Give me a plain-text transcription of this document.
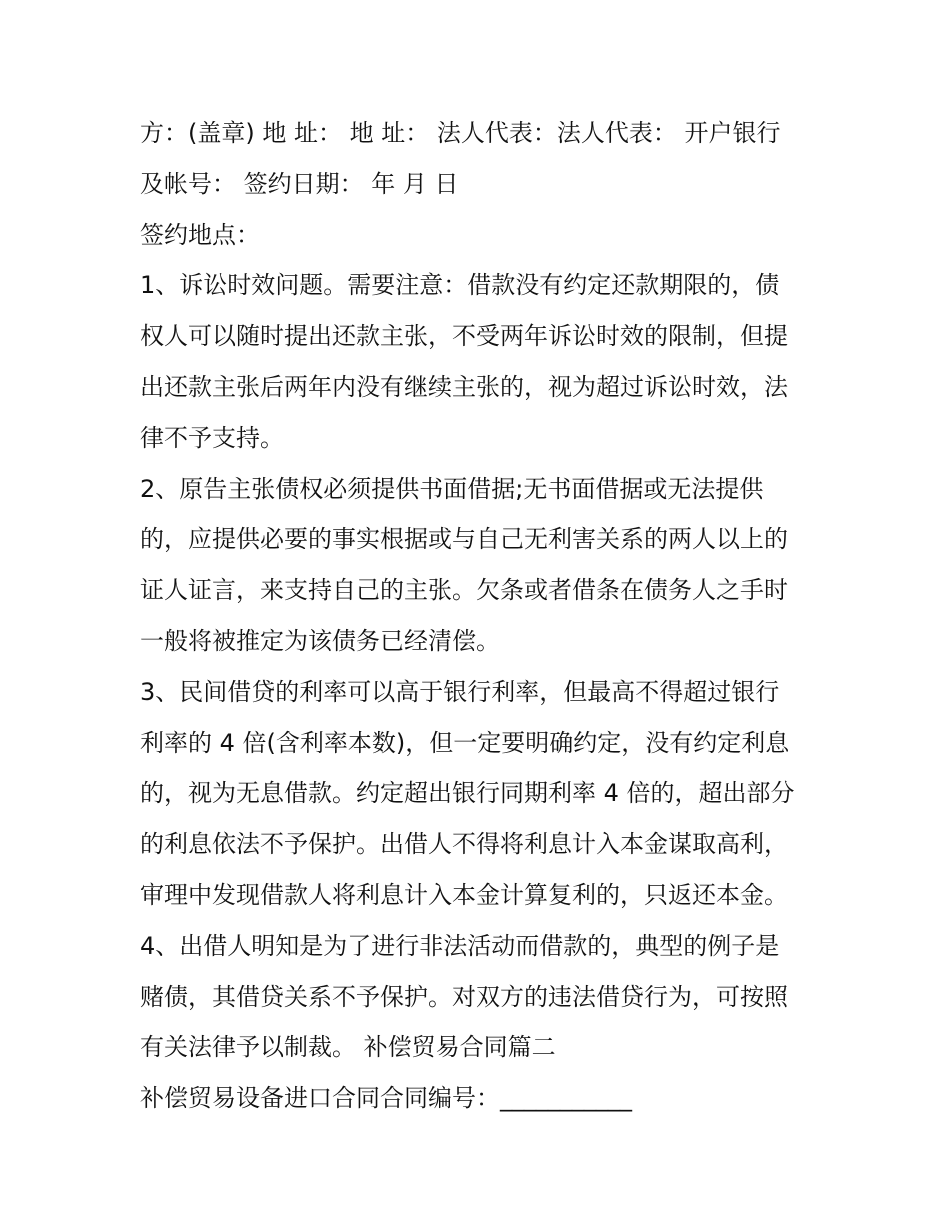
方：(盖章) 地 址： 地 址： 法人代表：法人代表： 开户银行
及帐号： 签约日期： 年 月 日
签约地点：
1、诉讼时效问题。需要注意：借款没有约定还款期限的，债
权人可以随时提出还款主张，不受两年诉讼时效的限制，但提
出还款主张后两年内没有继续主张的，视为超过诉讼时效，法
律不予支持。
2、原告主张债权必须提供书面借据;无书面借据或无法提供
的，应提供必要的事实根据或与自己无利害关系的两人以上的
证人证言，来支持自己的主张。欠条或者借条在债务人之手时
一般将被推定为该债务已经清偿。
3、民间借贷的利率可以高于银行利率，但最高不得超过银行
利率的 4 倍(含利率本数)，但一定要明确约定，没有约定利息
的，视为无息借款。约定超出银行同期利率 4 倍的，超出部分
的利息依法不予保护。出借人不得将利息计入本金谋取高利，
审理中发现借款人将利息计入本金计算复利的，只返还本金。
4、出借人明知是为了进行非法活动而借款的，典型的例子是
赌债，其借贷关系不予保护。对双方的违法借贷行为，可按照
有关法律予以制裁。 补偿贸易合同篇二
补偿贸易设备进口合同合同编号：___________
